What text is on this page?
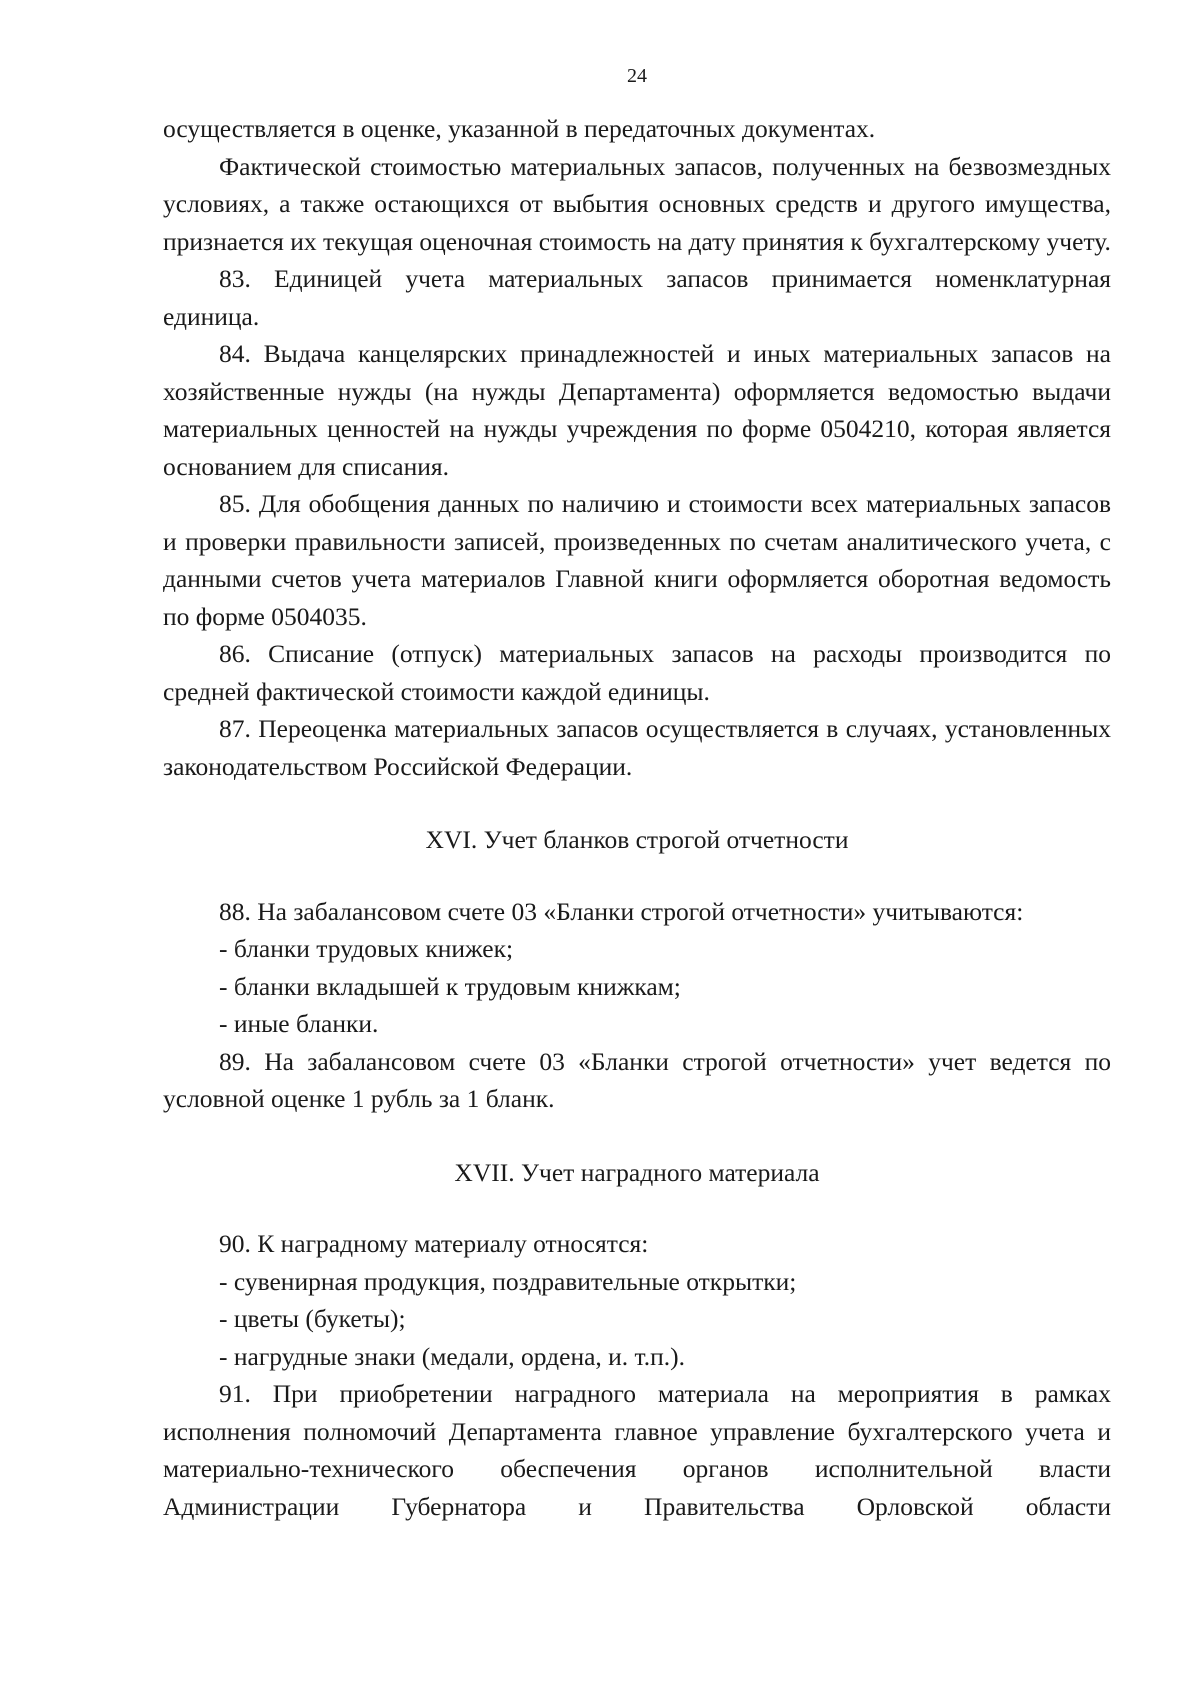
24

осуществляется в оценке, указанной в передаточных документах.

Фактической стоимостью материальных запасов, полученных на безвозмездных условиях, а также остающихся от выбытия основных средств и другого имущества, признается их текущая оценочная стоимость на дату принятия к бухгалтерскому учету.

83. Единицей учета материальных запасов принимается номенклатурная единица.

84. Выдача канцелярских принадлежностей и иных материальных запасов на хозяйственные нужды (на нужды Департамента) оформляется ведомостью выдачи материальных ценностей на нужды учреждения по форме 0504210, которая является основанием для списания.

85. Для обобщения данных по наличию и стоимости всех материальных запасов и проверки правильности записей, произведенных по счетам аналитического учета, с данными счетов учета материалов Главной книги оформляется оборотная ведомость по форме 0504035.

86. Списание (отпуск) материальных запасов на расходы производится по средней фактической стоимости каждой единицы.

87. Переоценка материальных запасов осуществляется в случаях, установленных законодательством Российской Федерации.

XVI. Учет бланков строгой отчетности

88. На забалансовом счете 03 «Бланки строгой отчетности» учитываются:

- бланки трудовых книжек;

- бланки вкладышей к трудовым книжкам;

- иные бланки.

89. На забалансовом счете 03 «Бланки строгой отчетности» учет ведется по условной оценке 1 рубль за 1 бланк.

XVII. Учет наградного материала

90. К наградному материалу относятся:

- сувенирная продукция, поздравительные открытки;

- цветы (букеты);

- нагрудные знаки (медали, ордена, и. т.п.).

91. При приобретении наградного материала на мероприятия в рамках исполнения полномочий Департамента главное управление бухгалтерского учета и материально-технического обеспечения органов исполнительной власти Администрации Губернатора и Правительства Орловской области
